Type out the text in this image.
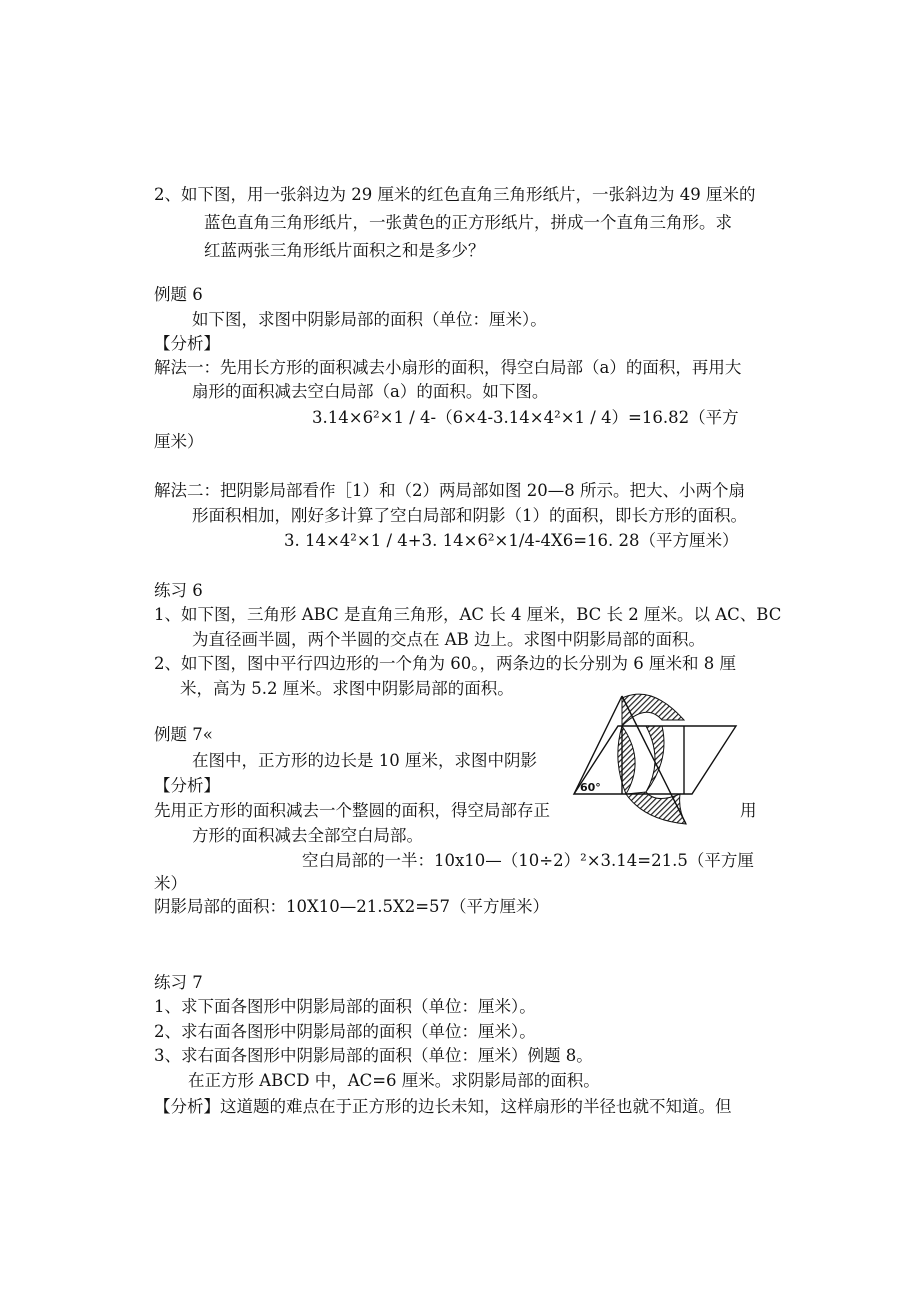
2、如下图，用一张斜边为 29 厘米的红色直角三角形纸片，一张斜边为 49 厘米的
蓝色直角三角形纸片，一张黄色的正方形纸片，拼成一个直角三角形。求
红蓝两张三角形纸片面积之和是多少？
例题 6
如下图，求图中阴影局部的面积（单位：厘米）。
【分析】
解法一：先用长方形的面积减去小扇形的面积，得空白局部（a）的面积，再用大
扇形的面积减去空白局部（a）的面积。如下图。
3.14×6²×1 / 4-（6×4-3.14×4²×1 / 4）=16.82（平方
厘米）
解法二：把阴影局部看作［1）和（2）两局部如图 20—8 所示。把大、小两个扇
形面积相加，刚好多计算了空白局部和阴影（1）的面积，即长方形的面积。
3. 14×4²×1 / 4+3. 14×6²×1/4-4X6=16. 28（平方厘米）
练习 6
1、如下图，三角形 ABC 是直角三角形，AC 长 4 厘米，BC 长 2 厘米。以 AC、BC
为直径画半圆，两个半圆的交点在 AB 边上。求图中阴影局部的面积。
2、如下图，图中平行四边形的一个角为 60。，两条边的长分别为 6 厘米和 8 厘
米，高为 5.2 厘米。求图中阴影局部的面积。
例题 7«
在图中，正方形的边长是 10 厘米，求图中阴影
【分析】
先用正方形的面积减去一个整圆的面积，得空局部存正	用
方形的面积减去全部空白局部。
空白局部的一半：10x10—（10÷2）²×3.14=21.5（平方厘
米）
阴影局部的面积：10X10—21.5X2=57（平方厘米）
60°
练习 7
1、求下面各图形中阴影局部的面积（单位：厘米）。
2、求右面各图形中阴影局部的面积（单位：厘米）。
3、求右面各图形中阴影局部的面积（单位：厘米）例题 8。
在正方形 ABCD 中，AC=6 厘米。求阴影局部的面积。
【分析】这道题的难点在于正方形的边长未知，这样扇形的半径也就不知道。但
